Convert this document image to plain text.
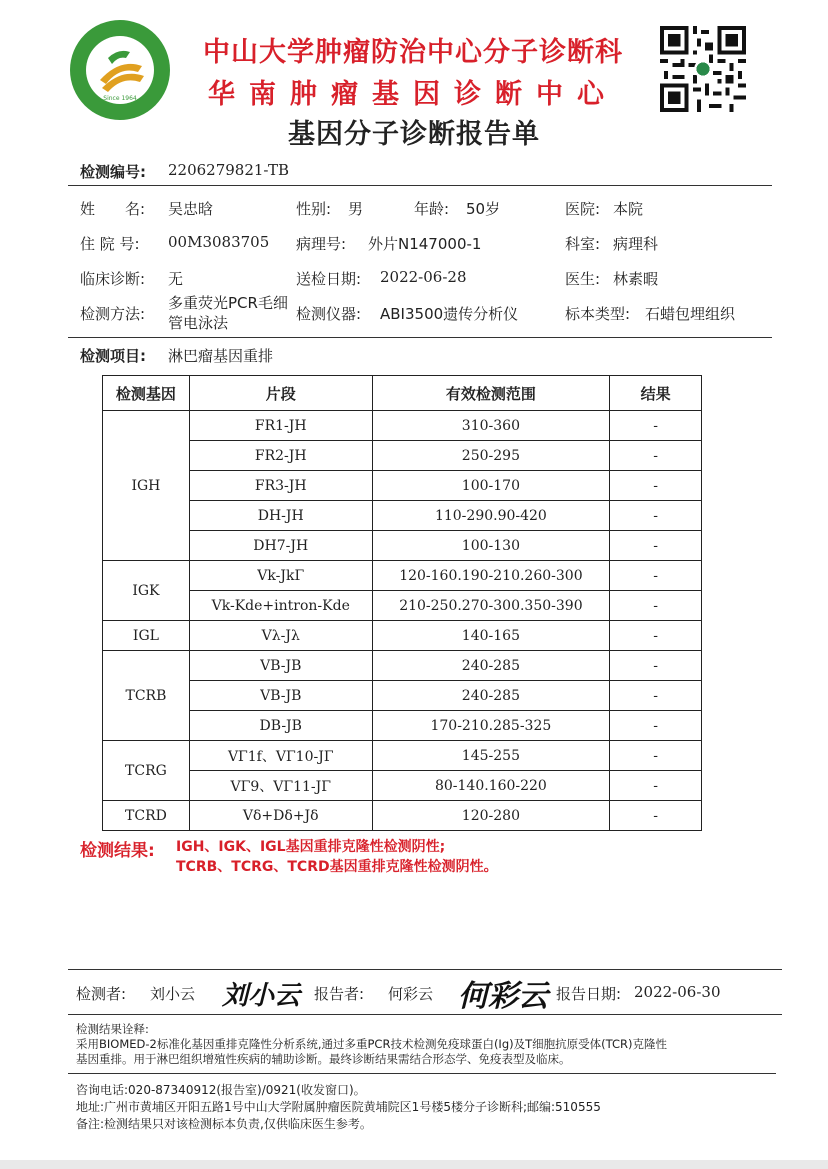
Since 1964
中山大学肿瘤防治中心分子诊断科
华南肿瘤基因诊断中心
基因分子诊断报告单
检测编号: 2206279821-TB
姓　　名: 吴忠晗	性别: 男	年龄: 50岁	医院: 本院
住 院 号: 00M3083705 病理号: 外片N147000-1	科室: 病理科
临床诊断: 无	送检日期: 2022-06-28	医生: 林素暇
检测方法:
多重荧光PCR毛细
管电泳法	检测仪器: ABI3500遗传分析仪	标本类型: 石蜡包埋组织
检测项目: 淋巴瘤基因重排
检测基因	片段	有效检测范围	结果
IGH	FR1-JH	310-360	-
	FR2-JH	250-295	-
	FR3-JH	100-170	-
	DH-JH	110-290.90-420	-
	DH7-JH	100-130	-
IGK	Vk-JkΓ	120-160.190-210.260-300	-
	Vk-Kde+intron-Kde	210-250.270-300.350-390	-
IGL	Vλ-Jλ	140-165	-
TCRB	VB-JB	240-285	-
	VB-JB	240-285	-
	DB-JB	170-210.285-325	-
TCRG	VΓ1f、VΓ10-JΓ	145-255	-
	VΓ9、VΓ11-JΓ	80-140.160-220	-
TCRD	Vδ+Dδ+Jδ	120-280	-
检测结果: IGH、IGK、IGL基因重排克隆性检测阴性;
TCRB、TCRG、TCRD基因重排克隆性检测阴性。
检测者: 刘小云 刘小云 报告者: 何彩云 何彩云 报告日期: 2022-06-30
检测结果诠释:
采用BIOMED-2标准化基因重排克隆性分析系统,通过多重PCR技术检测免疫球蛋白(Ig)及T细胞抗原受体(TCR)克隆性
基因重排。用于淋巴组织增殖性疾病的辅助诊断。最终诊断结果需结合形态学、免疫表型及临床。
咨询电话:020-87340912(报告室)/0921(收发窗口)。
地址:广州市黄埔区开阳五路1号中山大学附属肿瘤医院黄埔院区1号楼5楼分子诊断科;邮编:510555
备注:检测结果只对该检测标本负责,仅供临床医生参考。
